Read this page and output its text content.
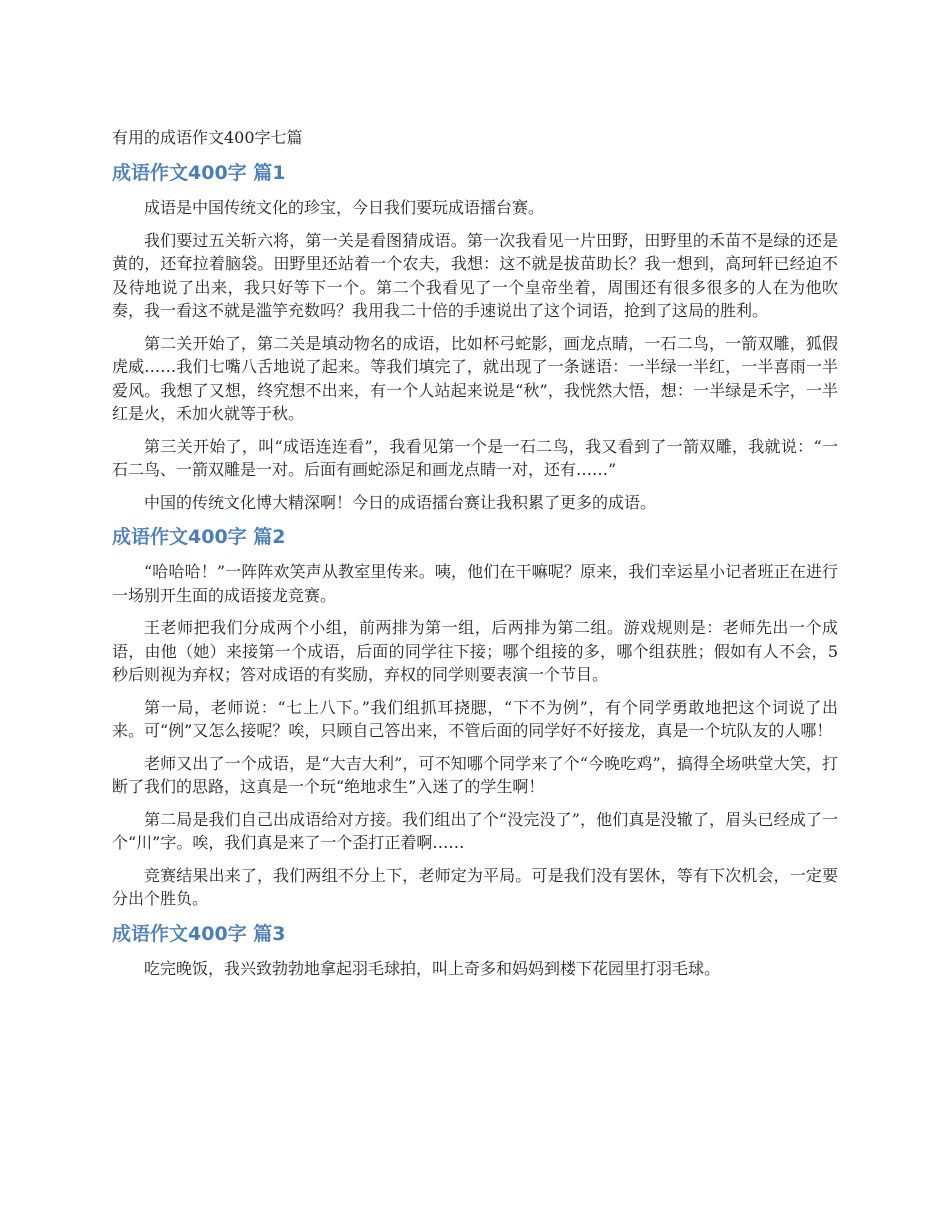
有用的成语作文400字七篇
成语作文400字 篇1

成语是中国传统文化的珍宝，今日我们要玩成语擂台赛。

我们要过五关斩六将，第一关是看图猜成语。第一次我看见一片田野，田野里的禾苗不是绿的还是黄的，还耷拉着脑袋。田野里还站着一个农夫，我想：这不就是拔苗助长？我一想到，高珂轩已经迫不及待地说了出来，我只好等下一个。第二个我看见了一个皇帝坐着，周围还有很多很多的人在为他吹奏，我一看这不就是滥竽充数吗？我用我二十倍的手速说出了这个词语，抢到了这局的胜利。

第二关开始了，第二关是填动物名的成语，比如杯弓蛇影，画龙点睛，一石二鸟，一箭双雕，狐假虎威……我们七嘴八舌地说了起来。等我们填完了，就出现了一条谜语：一半绿一半红，一半喜雨一半爱风。我想了又想，终究想不出来，有一个人站起来说是“秋”，我恍然大悟，想：一半绿是禾字，一半红是火，禾加火就等于秋。

第三关开始了，叫“成语连连看”，我看见第一个是一石二鸟，我又看到了一箭双雕，我就说：“一石二鸟、一箭双雕是一对。后面有画蛇添足和画龙点睛一对，还有……”

中国的传统文化博大精深啊！今日的成语擂台赛让我积累了更多的成语。

成语作文400字 篇2

“哈哈哈！”一阵阵欢笑声从教室里传来。咦，他们在干嘛呢？原来，我们幸运星小记者班正在进行一场别开生面的成语接龙竞赛。

王老师把我们分成两个小组，前两排为第一组，后两排为第二组。游戏规则是：老师先出一个成语，由他（她）来接第一个成语，后面的同学往下接；哪个组接的多，哪个组获胜；假如有人不会，5秒后则视为弃权；答对成语的有奖励，弃权的同学则要表演一个节目。

第一局，老师说：“七上八下。”我们组抓耳挠腮，“下不为例”，有个同学勇敢地把这个词说了出来。可“例”又怎么接呢？唉，只顾自己答出来，不管后面的同学好不好接龙，真是一个坑队友的人哪！

老师又出了一个成语，是“大吉大利”，可不知哪个同学来了个“今晚吃鸡”，搞得全场哄堂大笑，打断了我们的思路，这真是一个玩“绝地求生”入迷了的学生啊！

第二局是我们自己出成语给对方接。我们组出了个“没完没了”，他们真是没辙了，眉头已经成了一个“川”字。唉，我们真是来了一个歪打正着啊……

竞赛结果出来了，我们两组不分上下，老师定为平局。可是我们没有罢休，等有下次机会，一定要分出个胜负。

成语作文400字 篇3

吃完晚饭，我兴致勃勃地拿起羽毛球拍，叫上奇多和妈妈到楼下花园里打羽毛球。
